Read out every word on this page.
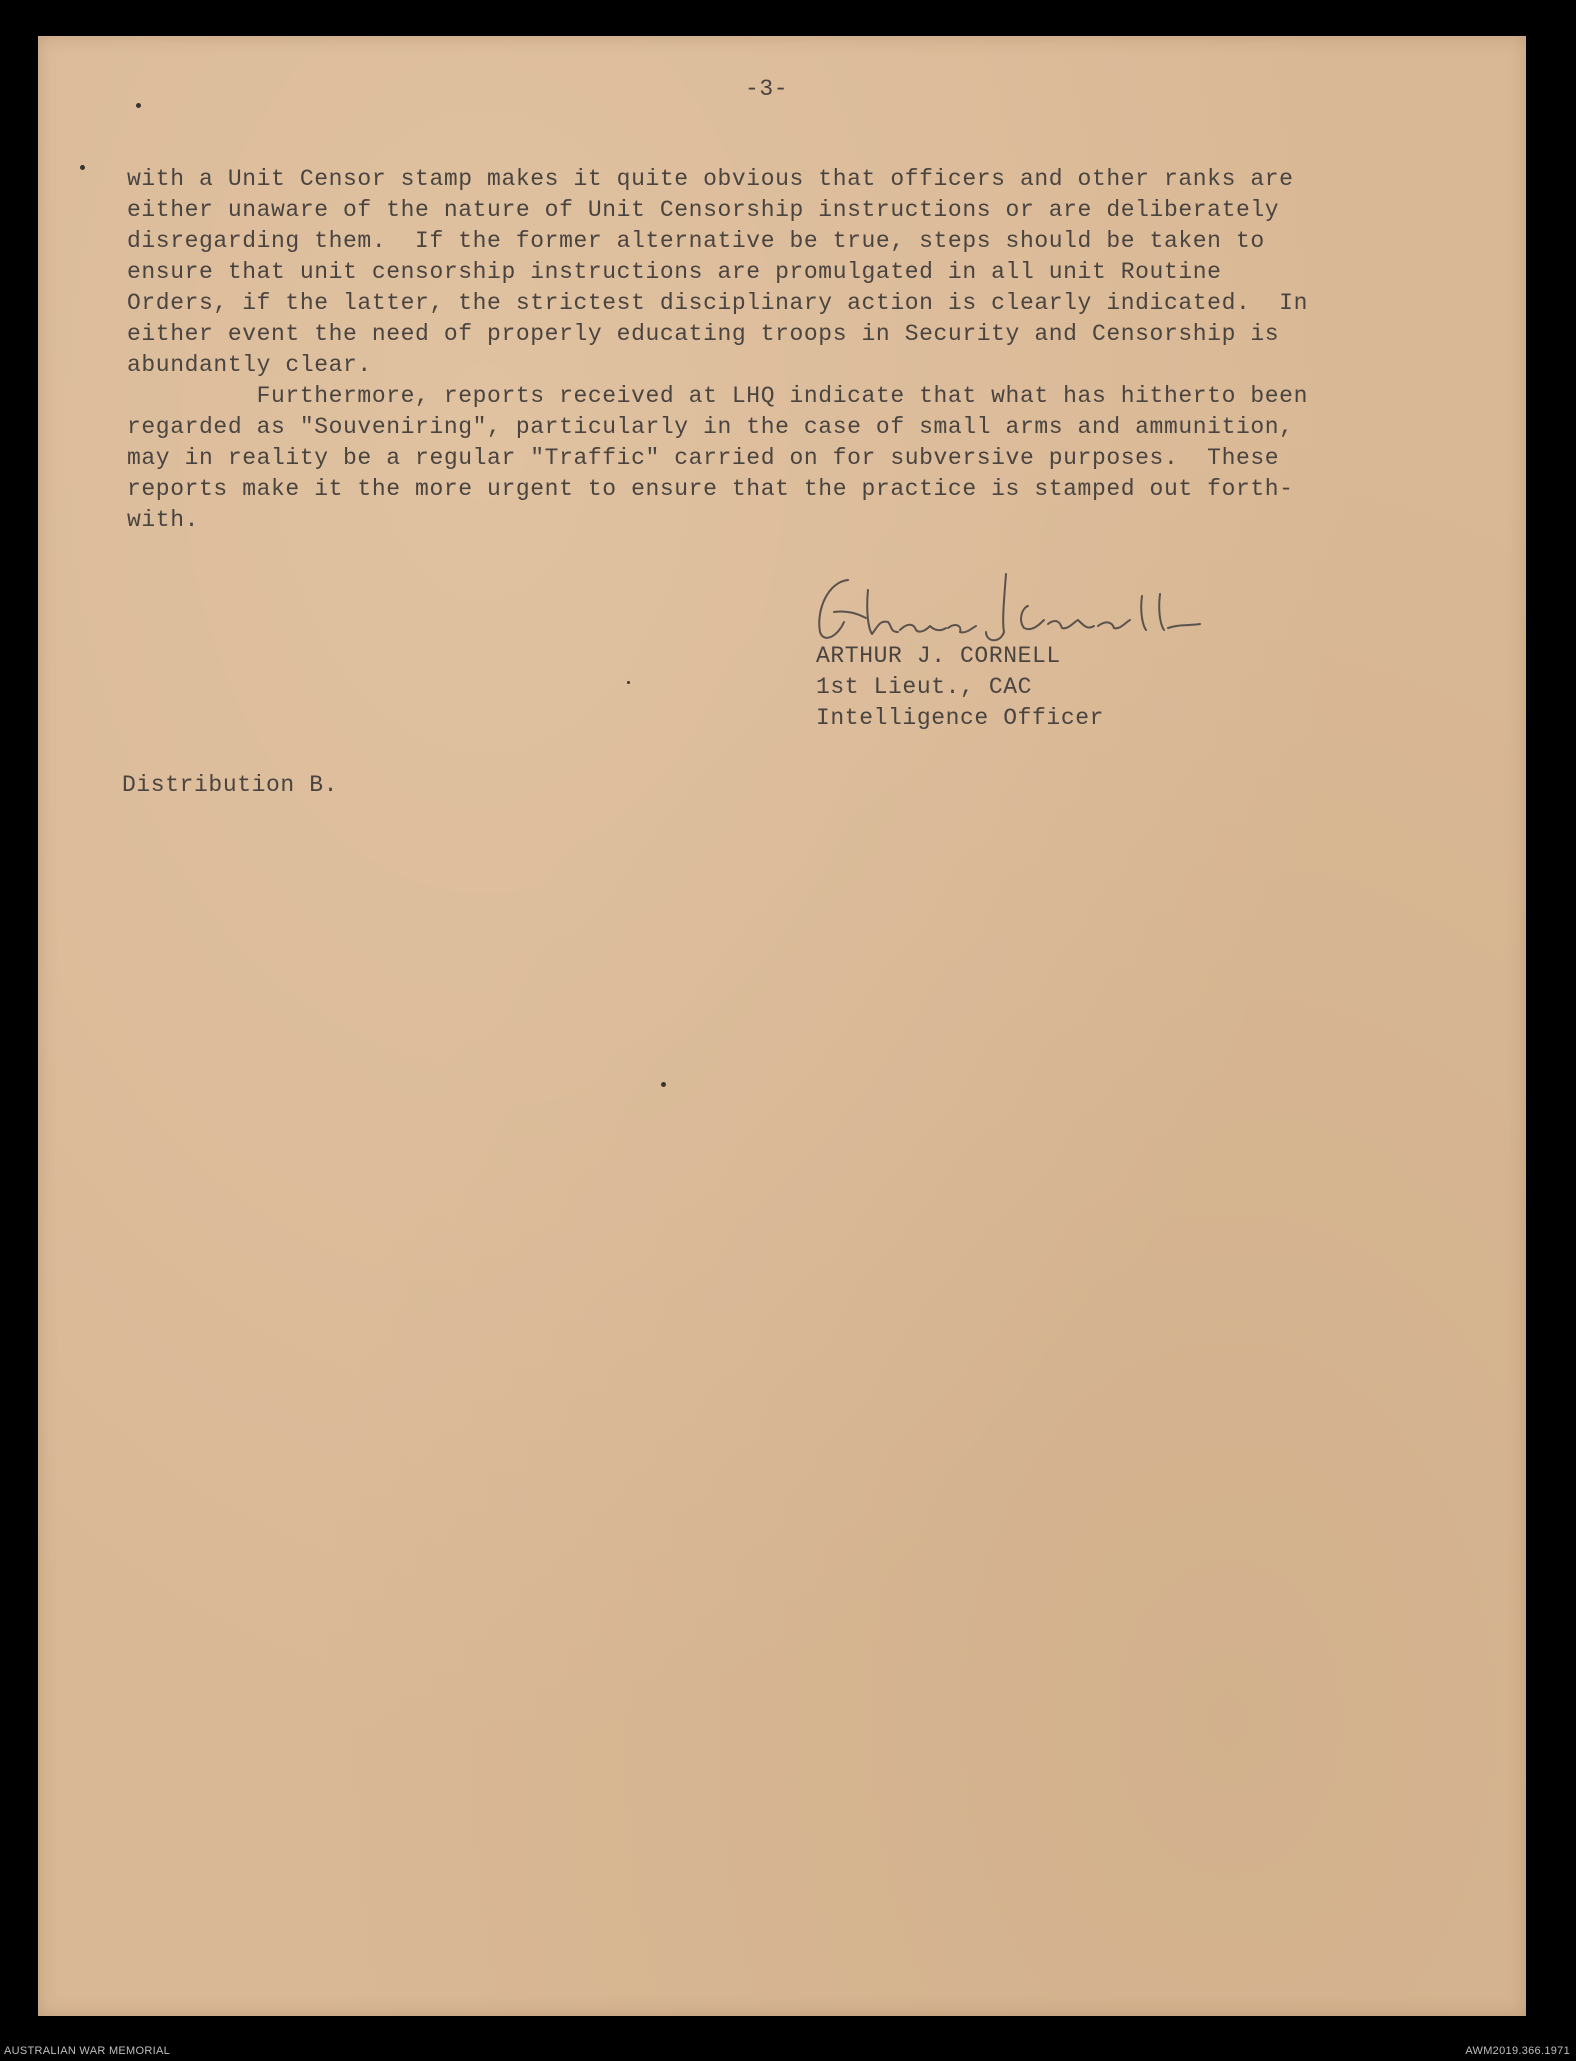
-3-
with a Unit Censor stamp makes it quite obvious that officers and other ranks are
either unaware of the nature of Unit Censorship instructions or are deliberately
disregarding them.  If the former alternative be true, steps should be taken to
ensure that unit censorship instructions are promulgated in all unit Routine
Orders, if the latter, the strictest disciplinary action is clearly indicated.  In
either event the need of properly educating troops in Security and Censorship is
abundantly clear.
Furthermore, reports received at LHQ indicate that what has hitherto been
regarded as "Souveniring", particularly in the case of small arms and ammunition,
may in reality be a regular "Traffic" carried on for subversive purposes.  These
reports make it the more urgent to ensure that the practice is stamped out forth-
with.
ARTHUR J. CORNELL
1st Lieut., CAC
Intelligence Officer
Distribution B.
AUSTRALIAN WAR MEMORIAL	AWM2019.366.1971
